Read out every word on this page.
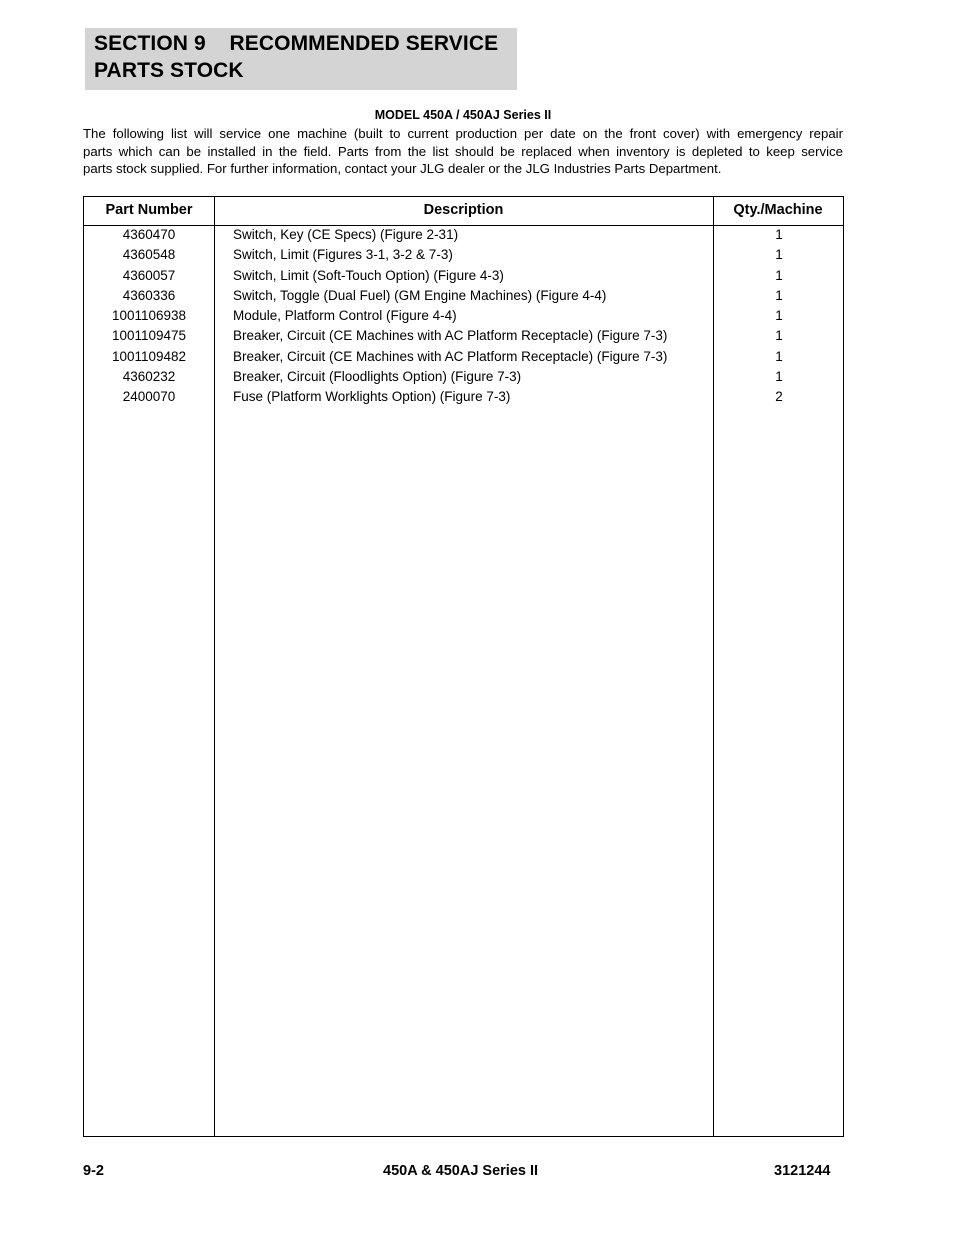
SECTION 9    RECOMMENDED SERVICE
PARTS STOCK
MODEL 450A / 450AJ Series II
The following list will service one machine (built to current production per date on the front cover) with emergency repair
parts which can be installed in the field. Parts from the list should be replaced when inventory is depleted to keep service
parts stock supplied. For further information, contact your JLG dealer or the JLG Industries Parts Department.
Part Number	Description	Qty./Machine
4360470	Switch, Key (CE Specs) (Figure 2-31)	1
4360548	Switch, Limit (Figures 3-1, 3-2 & 7-3)	1
4360057	Switch, Limit (Soft-Touch Option) (Figure 4-3)	1
4360336	Switch, Toggle (Dual Fuel) (GM Engine Machines) (Figure 4-4)	1
1001106938	Module, Platform Control (Figure 4-4)	1
1001109475	Breaker, Circuit (CE Machines with AC Platform Receptacle) (Figure 7-3)	1
1001109482	Breaker, Circuit (CE Machines with AC Platform Receptacle) (Figure 7-3)	1
4360232	Breaker, Circuit (Floodlights Option) (Figure 7-3)	1
2400070	Fuse (Platform Worklights Option) (Figure 7-3)	2
9-2	450A & 450AJ Series II	3121244
